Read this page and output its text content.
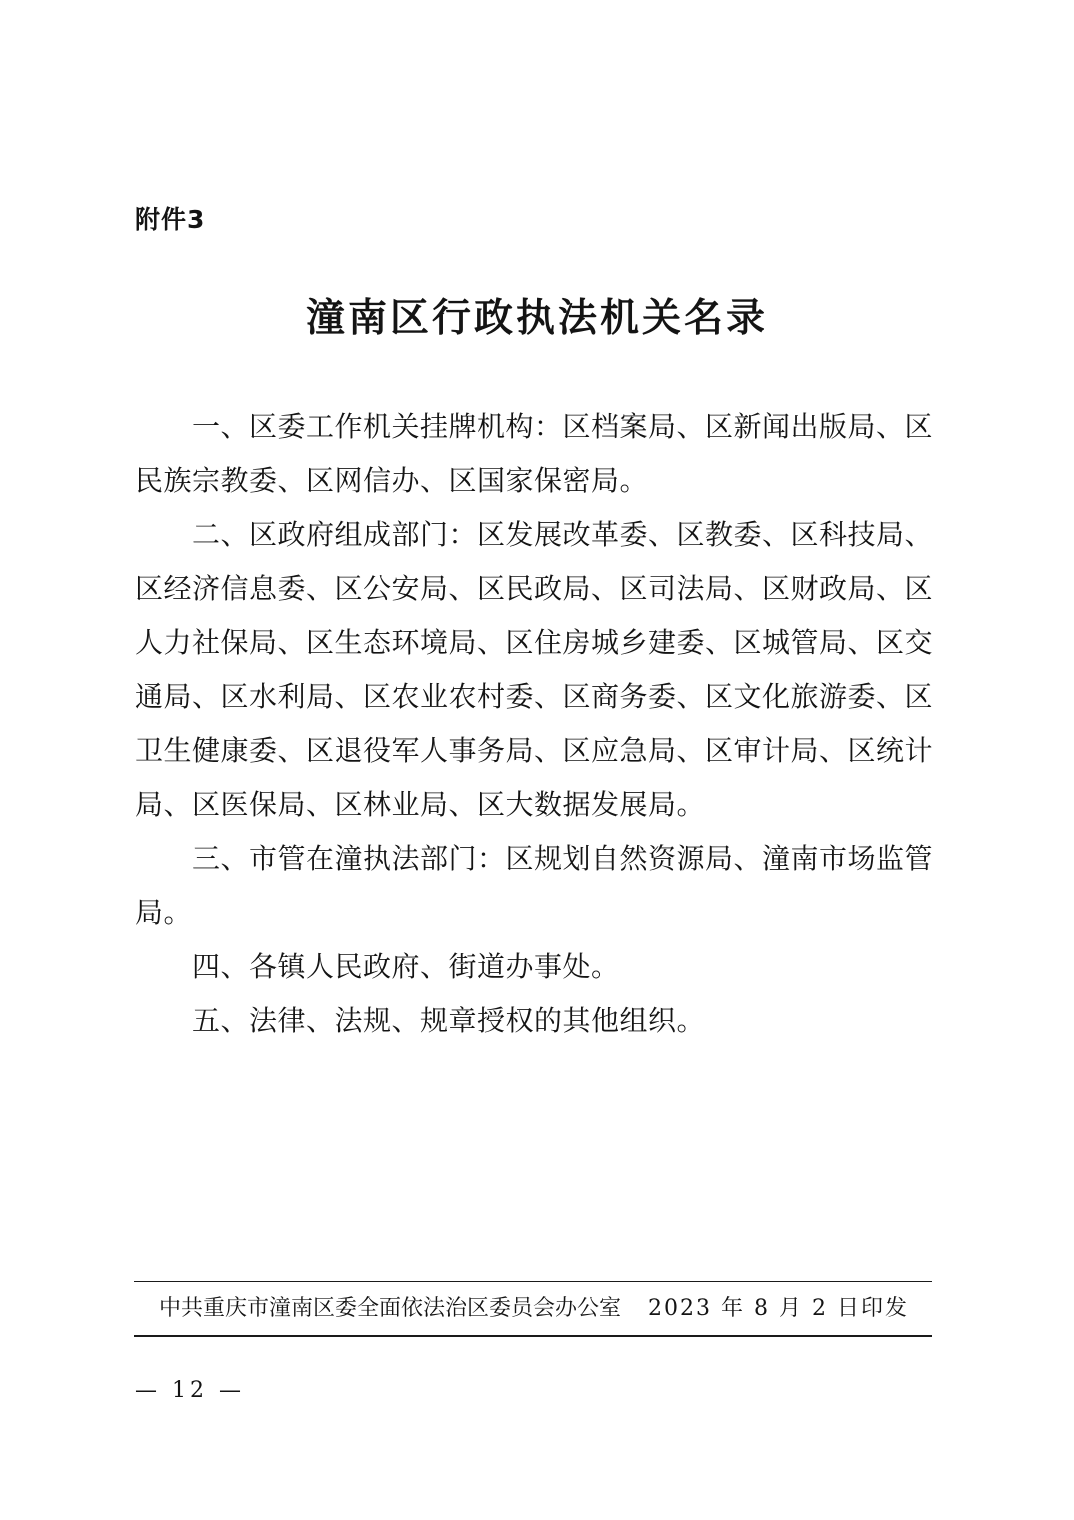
附件3
潼南区行政执法机关名录

一、区委工作机关挂牌机构：区档案局、区新闻出版局、区民族宗教委、区网信办、区国家保密局。

二、区政府组成部门：区发展改革委、区教委、区科技局、区经济信息委、区公安局、区民政局、区司法局、区财政局、区人力社保局、区生态环境局、区住房城乡建委、区城管局、区交通局、区水利局、区农业农村委、区商务委、区文化旅游委、区卫生健康委、区退役军人事务局、区应急局、区审计局、区统计局、区医保局、区林业局、区大数据发展局。

三、市管在潼执法部门：区规划自然资源局、潼南市场监管局。

四、各镇人民政府、街道办事处。

五、法律、法规、规章授权的其他组织。

中共重庆市潼南区委全面依法治区委员会办公室 2023 年 8 月 2 日印发
— 12 —
